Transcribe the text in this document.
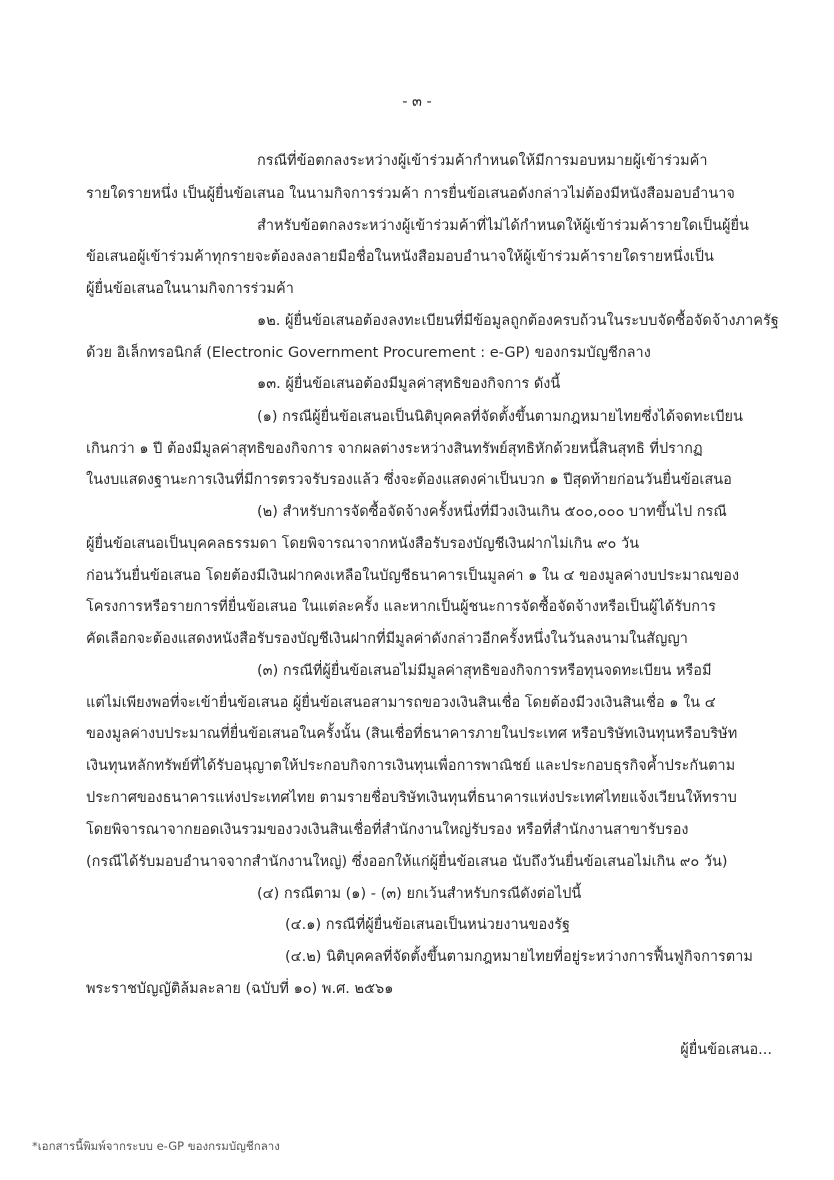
- ๓ -
กรณีที่ข้อตกลงระหว่างผู้เข้าร่วมค้ากำหนดให้มีการมอบหมายผู้เข้าร่วมค้า
รายใดรายหนึ่ง เป็นผู้ยื่นข้อเสนอ ในนามกิจการร่วมค้า การยื่นข้อเสนอดังกล่าวไม่ต้องมีหนังสือมอบอำนาจ
สำหรับข้อตกลงระหว่างผู้เข้าร่วมค้าที่ไม่ได้กำหนดให้ผู้เข้าร่วมค้ารายใดเป็นผู้ยื่น
ข้อเสนอผู้เข้าร่วมค้าทุกรายจะต้องลงลายมือชื่อในหนังสือมอบอำนาจให้ผู้เข้าร่วมค้ารายใดรายหนึ่งเป็น
ผู้ยื่นข้อเสนอในนามกิจการร่วมค้า
๑๒. ผู้ยื่นข้อเสนอต้องลงทะเบียนที่มีข้อมูลถูกต้องครบถ้วนในระบบจัดซื้อจัดจ้างภาครัฐ
ด้วย อิเล็กทรอนิกส์ (Electronic Government Procurement : e-GP) ของกรมบัญชีกลาง
๑๓. ผู้ยื่นข้อเสนอต้องมีมูลค่าสุทธิของกิจการ ดังนี้
(๑) กรณีผู้ยื่นข้อเสนอเป็นนิติบุคคลที่จัดตั้งขึ้นตามกฎหมายไทยซึ่งได้จดทะเบียน
เกินกว่า ๑ ปี ต้องมีมูลค่าสุทธิของกิจการ จากผลต่างระหว่างสินทรัพย์สุทธิหักด้วยหนี้สินสุทธิ ที่ปรากฏ
ในงบแสดงฐานะการเงินที่มีการตรวจรับรองแล้ว ซึ่งจะต้องแสดงค่าเป็นบวก ๑ ปีสุดท้ายก่อนวันยื่นข้อเสนอ
(๒) สำหรับการจัดซื้อจัดจ้างครั้งหนึ่งที่มีวงเงินเกิน ๕๐๐,๐๐๐ บาทขึ้นไป กรณี
ผู้ยื่นข้อเสนอเป็นบุคคลธรรมดา โดยพิจารณาจากหนังสือรับรองบัญชีเงินฝากไม่เกิน ๙๐ วัน
ก่อนวันยื่นข้อเสนอ โดยต้องมีเงินฝากคงเหลือในบัญชีธนาคารเป็นมูลค่า ๑ ใน ๔ ของมูลค่างบประมาณของ
โครงการหรือรายการที่ยื่นข้อเสนอ ในแต่ละครั้ง และหากเป็นผู้ชนะการจัดซื้อจัดจ้างหรือเป็นผู้ได้รับการ
คัดเลือกจะต้องแสดงหนังสือรับรองบัญชีเงินฝากที่มีมูลค่าดังกล่าวอีกครั้งหนึ่งในวันลงนามในสัญญา
(๓) กรณีที่ผู้ยื่นข้อเสนอไม่มีมูลค่าสุทธิของกิจการหรือทุนจดทะเบียน หรือมี
แต่ไม่เพียงพอที่จะเข้ายื่นข้อเสนอ ผู้ยื่นข้อเสนอสามารถขอวงเงินสินเชื่อ โดยต้องมีวงเงินสินเชื่อ ๑ ใน ๔
ของมูลค่างบประมาณที่ยื่นข้อเสนอในครั้งนั้น (สินเชื่อที่ธนาคารภายในประเทศ หรือบริษัทเงินทุนหรือบริษัท
เงินทุนหลักทรัพย์ที่ได้รับอนุญาตให้ประกอบกิจการเงินทุนเพื่อการพาณิชย์ และประกอบธุรกิจค้ำประกันตาม
ประกาศของธนาคารแห่งประเทศไทย ตามรายชื่อบริษัทเงินทุนที่ธนาคารแห่งประเทศไทยแจ้งเวียนให้ทราบ
โดยพิจารณาจากยอดเงินรวมของวงเงินสินเชื่อที่สำนักงานใหญ่รับรอง หรือที่สำนักงานสาขารับรอง
(กรณีได้รับมอบอำนาจจากสำนักงานใหญ่) ซึ่งออกให้แก่ผู้ยื่นข้อเสนอ นับถึงวันยื่นข้อเสนอไม่เกิน ๙๐ วัน)
(๔) กรณีตาม (๑) - (๓) ยกเว้นสำหรับกรณีดังต่อไปนี้
(๔.๑) กรณีที่ผู้ยื่นข้อเสนอเป็นหน่วยงานของรัฐ
(๔.๒) นิติบุคคลที่จัดตั้งขึ้นตามกฎหมายไทยที่อยู่ระหว่างการฟื้นฟูกิจการตาม
พระราชบัญญัติล้มละลาย (ฉบับที่ ๑๐) พ.ศ. ๒๕๖๑
ผู้ยื่นข้อเสนอ...
*เอกสารนี้พิมพ์จากระบบ e-GP ของกรมบัญชีกลาง
